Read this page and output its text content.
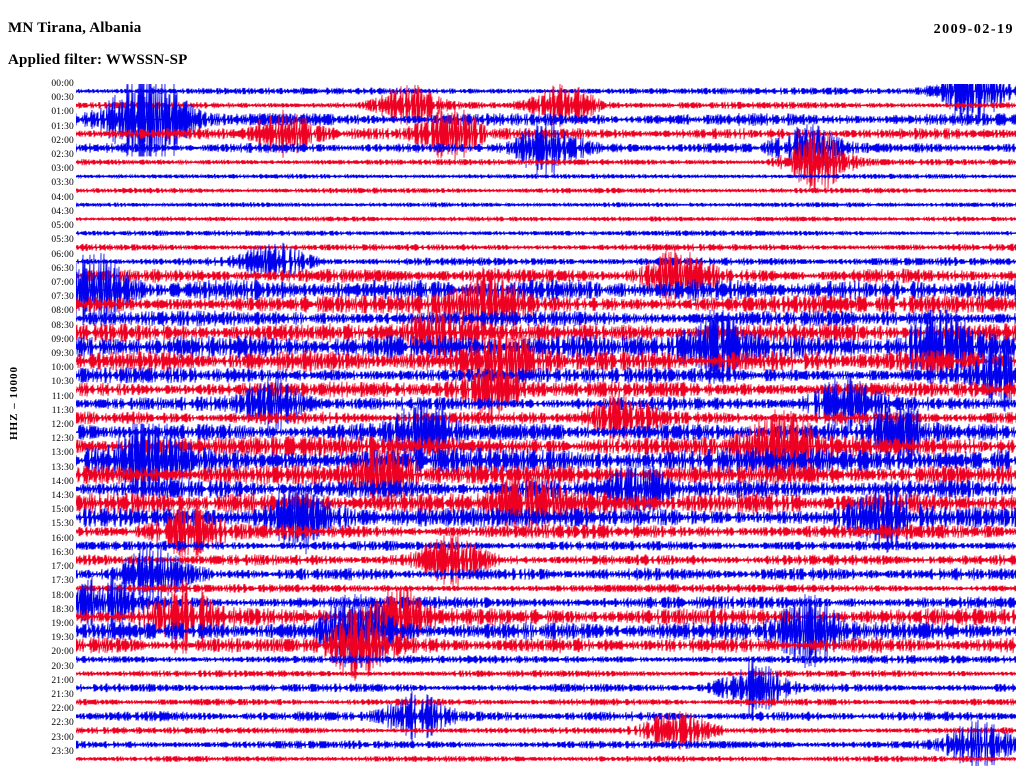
MN Tirana, Albania	2009-02-19
Applied filter: WWSSN-SP
HHZ – 10000
00:00
00:30
01:00
01:30
02:00
02:30
03:00
03:30
04:00
04:30
05:00
05:30
06:00
06:30
07:00
07:30
08:00
08:30
09:00
09:30
10:00
10:30
11:00
11:30
12:00
12:30
13:00
13:30
14:00
14:30
15:00
15:30
16:00
16:30
17:00
17:30
18:00
18:30
19:00
19:30
20:00
20:30
21:00
21:30
22:00
22:30
23:00
23:30
